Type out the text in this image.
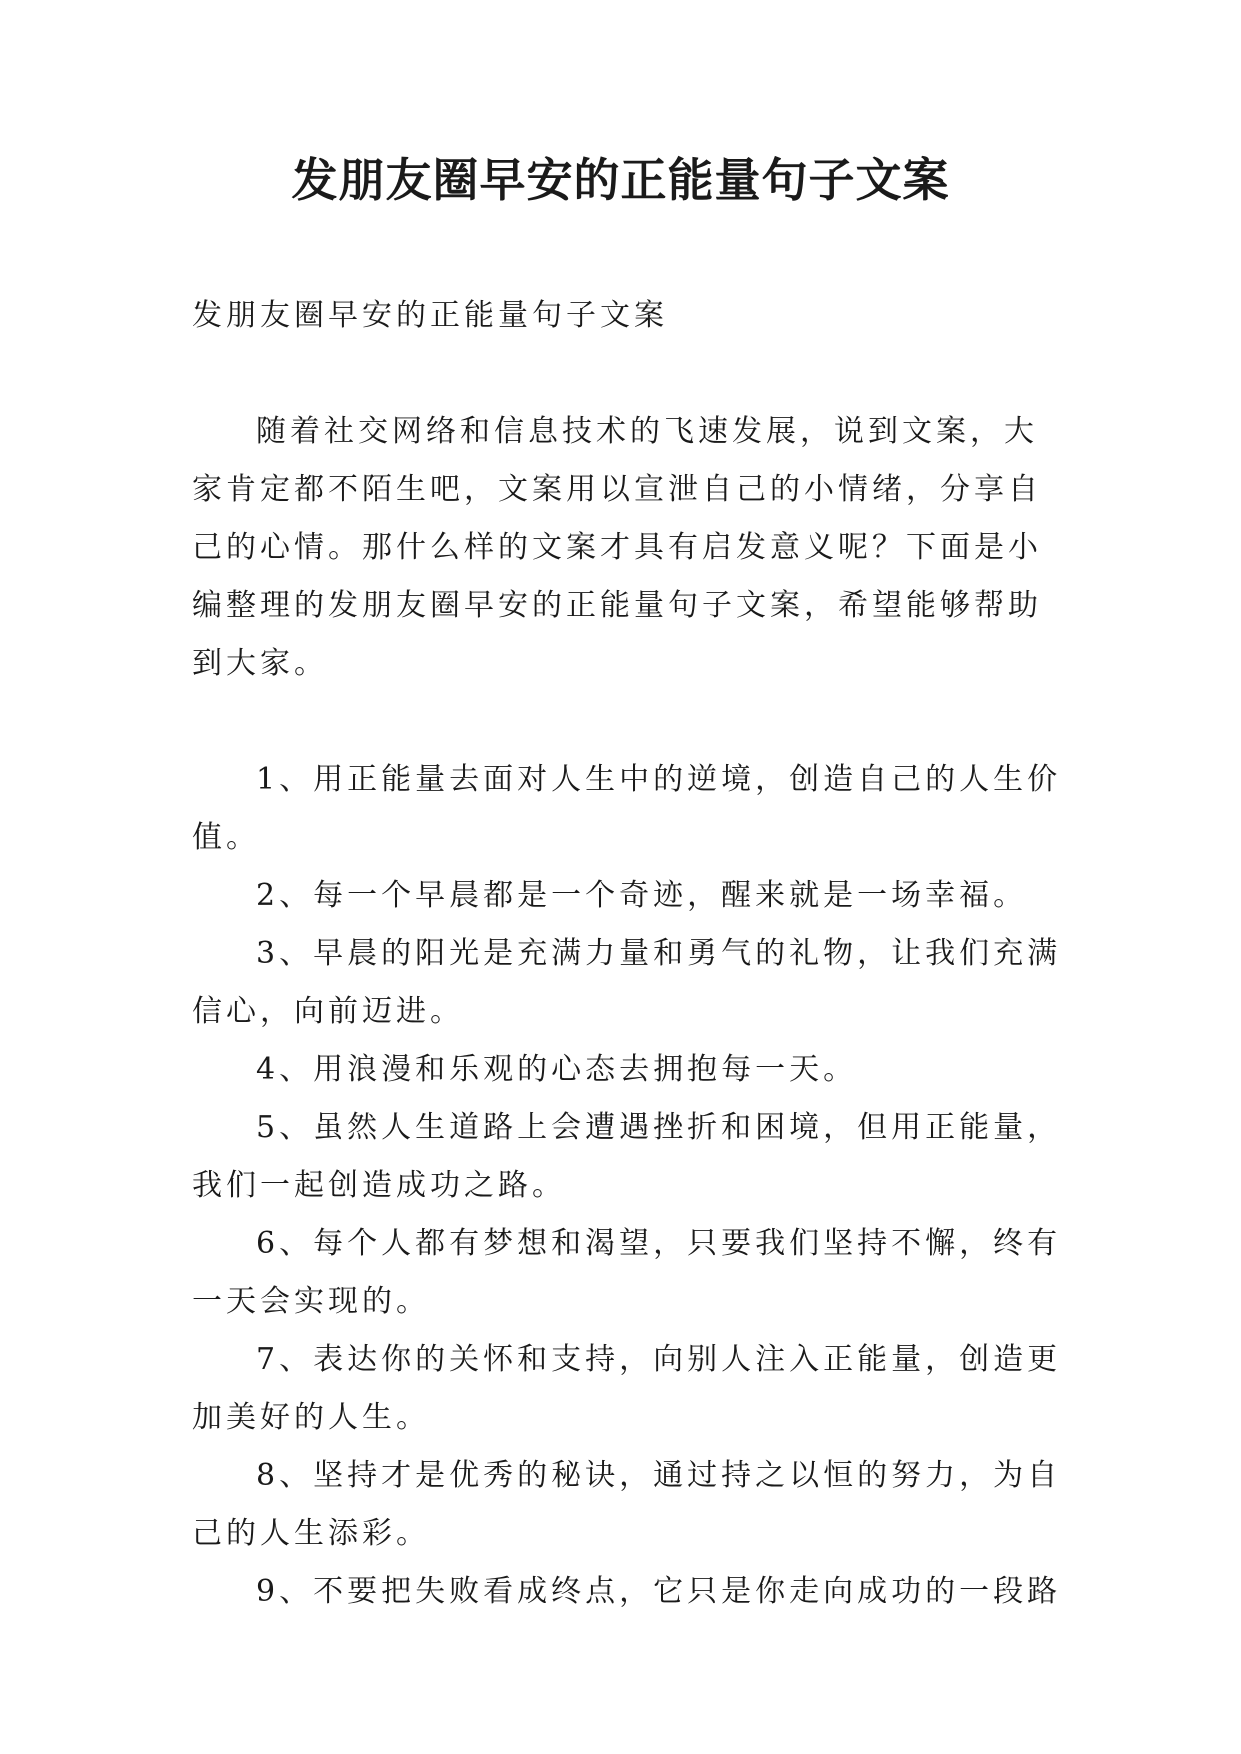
发朋友圈早安的正能量句子文案

发朋友圈早安的正能量句子文案

随着社交网络和信息技术的飞速发展，说到文案，大家肯定都不陌生吧，文案用以宣泄自己的小情绪，分享自己的心情。那什么样的文案才具有启发意义呢？下面是小编整理的发朋友圈早安的正能量句子文案，希望能够帮助到大家。

1、用正能量去面对人生中的逆境，创造自己的人生价值。

2、每一个早晨都是一个奇迹，醒来就是一场幸福。

3、早晨的阳光是充满力量和勇气的礼物，让我们充满信心，向前迈进。

4、用浪漫和乐观的心态去拥抱每一天。

5、虽然人生道路上会遭遇挫折和困境，但用正能量，我们一起创造成功之路。

6、每个人都有梦想和渴望，只要我们坚持不懈，终有一天会实现的。

7、表达你的关怀和支持，向别人注入正能量，创造更加美好的人生。

8、坚持才是优秀的秘诀，通过持之以恒的努力，为自己的人生添彩。

9、不要把失败看成终点，它只是你走向成功的一段路
